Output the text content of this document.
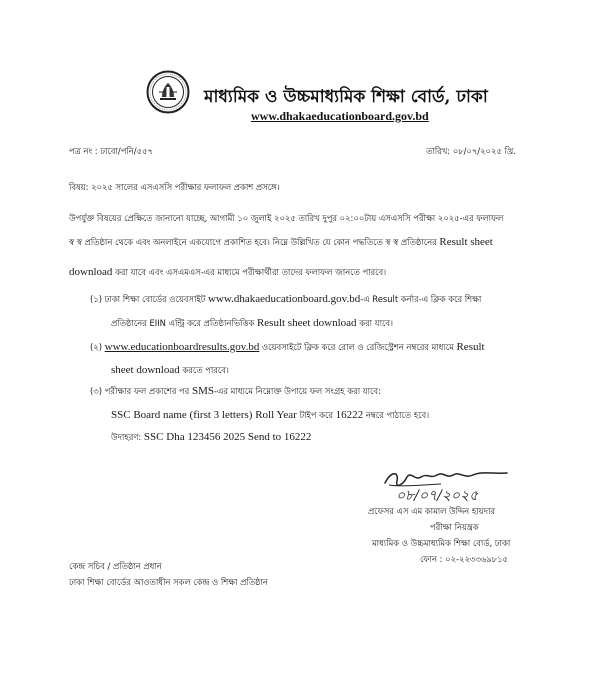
মাধ্যমিক ও উচ্চমাধ্যমিক শিক্ষা বোর্ড, ঢাকা
www.dhakaeducationboard.gov.bd
পত্র নং : ঢাবো/পনি/৫৫৭	তারিখ: ০৮/০৭/২০২৫ খ্রি.
বিষয়: ২০২৫ সালের এসএসসি পরীক্ষার ফলাফল প্রকাশ প্রসঙ্গে।
উপর্যুক্ত বিষয়ের প্রেক্ষিতে জানানো যাচ্ছে, আগামী ১০ জুলাই ২০২৫ তারিখ দুপুর ০২:০০টায় এসএসসি পরীক্ষা ২০২৫-এর ফলাফল
স্ব স্ব প্রতিষ্ঠান থেকে এবং অনলাইনে একযোগে প্রকাশিত হবে। নিম্নে উল্লিখিত যে কোন পদ্ধতিতে স্ব স্ব প্রতিষ্ঠানের Result sheet
download করা যাবে এবং এসএমএস-এর মাধ্যমে পরীক্ষার্থীরা তাদের ফলাফল জানতে পারবে।
(১) ঢাকা শিক্ষা বোর্ডের ওয়েবসাইট www.dhakaeducationboard.gov.bd-এ Result কর্নার-এ ক্লিক করে শিক্ষা
প্রতিষ্ঠানের EIIN এন্ট্রি করে প্রতিষ্ঠানভিত্তিক Result sheet download করা যাবে।
(২) www.educationboardresults.gov.bd ওয়েবসাইটে ক্লিক করে রোল ও রেজিস্ট্রেশন নম্বরের মাধ্যমে Result
sheet download করতে পারবে।
(৩) পরীক্ষার ফল প্রকাশের পর SMS-এর মাধ্যমে নিম্নোক্ত উপায়ে ফল সংগ্রহ করা যাবে:
SSC Board name (first 3 letters) Roll Year টাইপ করে 16222 নম্বরে পাঠাতে হবে।
উদাহরণ: SSC Dha 123456 2025 Send to 16222
০৮/০৭/২০২৫
প্রফেসর এস এম কামাল উদ্দিন হায়দার
পরীক্ষা নিয়ন্ত্রক
মাধ্যমিক ও উচ্চমাধ্যমিক শিক্ষা বোর্ড, ঢাকা
ফোন : ০২-২২৩৩৬৯৮১৫
কেন্দ্র সচিব / প্রতিষ্ঠান প্রধান
ঢাকা শিক্ষা বোর্ডের আওতাধীন সকল কেন্দ্র ও শিক্ষা প্রতিষ্ঠান
